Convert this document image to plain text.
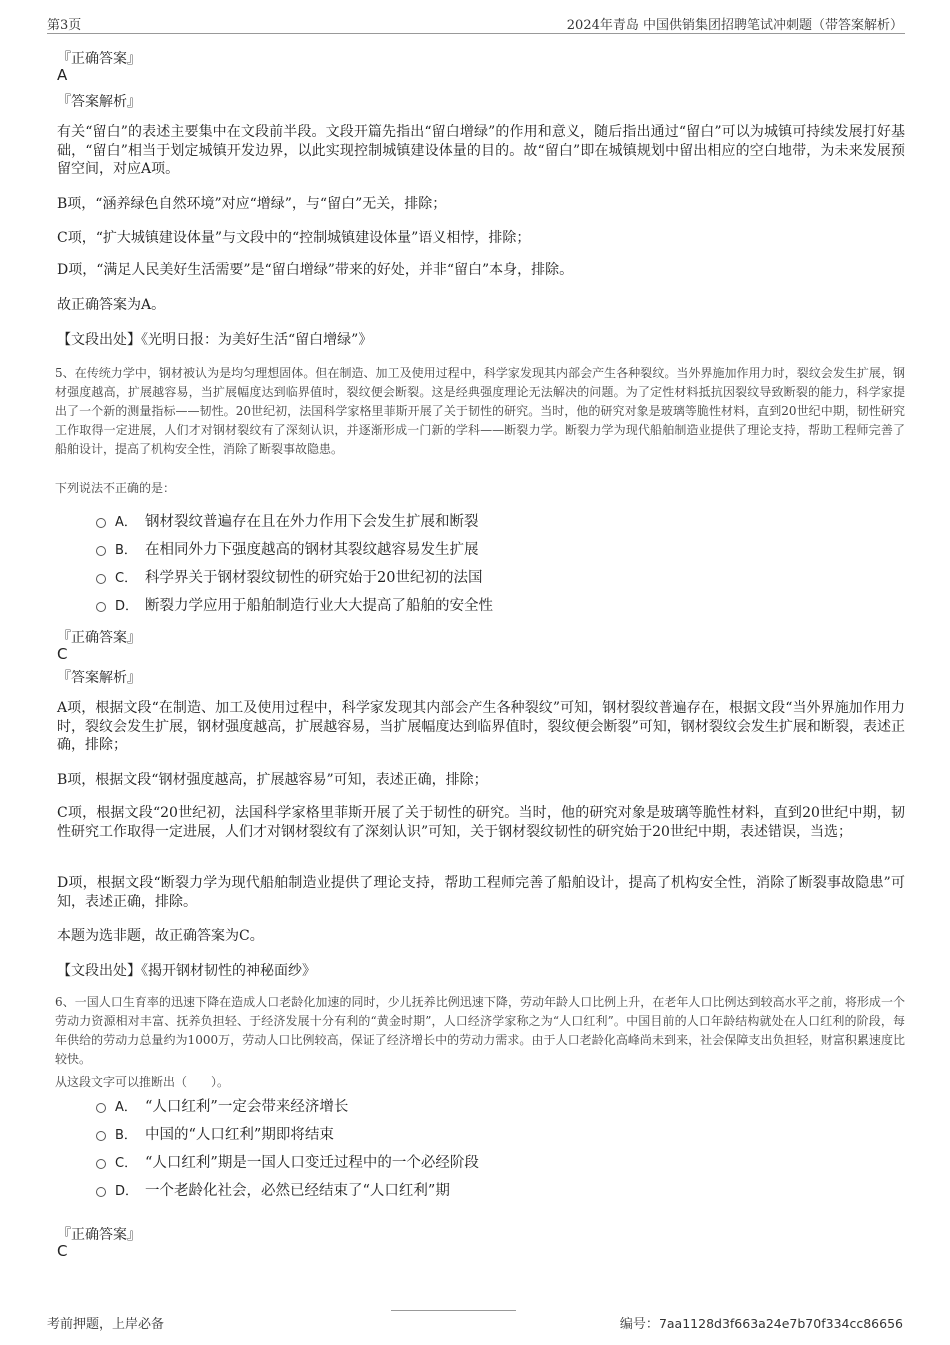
第3页	2024年青岛 中国供销集团招聘笔试冲刺题（带答案解析）
『正确答案』
A
『答案解析』
有关“留白”的表述主要集中在文段前半段。文段开篇先指出“留白增绿”的作用和意义，随后指出通过“留白”可以为城镇可持续发展打好基础，“留白”相当于划定城镇开发边界，以此实现控制城镇建设体量的目的。故“留白”即在城镇规划中留出相应的空白地带，为未来发展预留空间，对应A项。
B项，“涵养绿色自然环境”对应“增绿”，与“留白”无关，排除；
C项，“扩大城镇建设体量”与文段中的“控制城镇建设体量”语义相悖，排除；
D项，“满足人民美好生活需要”是“留白增绿”带来的好处，并非“留白”本身，排除。
故正确答案为A。
【文段出处】《光明日报：为美好生活“留白增绿”》
5、在传统力学中，钢材被认为是均匀理想固体。但在制造、加工及使用过程中，科学家发现其内部会产生各种裂纹。当外界施加作用力时，裂纹会发生扩展，钢材强度越高，扩展越容易，当扩展幅度达到临界值时，裂纹便会断裂。这是经典强度理论无法解决的问题。为了定性材料抵抗因裂纹导致断裂的能力，科学家提出了一个新的测量指标——韧性。20世纪初，法国科学家格里菲斯开展了关于韧性的研究。当时，他的研究对象是玻璃等脆性材料，直到20世纪中期，韧性研究工作取得一定进展，人们才对钢材裂纹有了深刻认识，并逐渐形成一门新的学科——断裂力学。断裂力学为现代船舶制造业提供了理论支持，帮助工程师完善了船舶设计，提高了机构安全性，消除了断裂事故隐患。
下列说法不正确的是：
A． 钢材裂纹普遍存在且在外力作用下会发生扩展和断裂
B． 在相同外力下强度越高的钢材其裂纹越容易发生扩展
C． 科学界关于钢材裂纹韧性的研究始于20世纪初的法国
D． 断裂力学应用于船舶制造行业大大提高了船舶的安全性
『正确答案』
C
『答案解析』
A项，根据文段“在制造、加工及使用过程中，科学家发现其内部会产生各种裂纹”可知，钢材裂纹普遍存在，根据文段“当外界施加作用力时，裂纹会发生扩展，钢材强度越高，扩展越容易，当扩展幅度达到临界值时，裂纹便会断裂”可知，钢材裂纹会发生扩展和断裂，表述正确，排除；
B项，根据文段“钢材强度越高，扩展越容易”可知，表述正确，排除；
C项，根据文段“20世纪初，法国科学家格里菲斯开展了关于韧性的研究。当时，他的研究对象是玻璃等脆性材料，直到20世纪中期，韧性研究工作取得一定进展，人们才对钢材裂纹有了深刻认识”可知，关于钢材裂纹韧性的研究始于20世纪中期，表述错误，当选；
D项，根据文段“断裂力学为现代船舶制造业提供了理论支持，帮助工程师完善了船舶设计，提高了机构安全性，消除了断裂事故隐患”可知，表述正确，排除。
本题为选非题，故正确答案为C。
【文段出处】《揭开钢材韧性的神秘面纱》
6、一国人口生育率的迅速下降在造成人口老龄化加速的同时，少儿抚养比例迅速下降，劳动年龄人口比例上升，在老年人口比例达到较高水平之前，将形成一个劳动力资源相对丰富、抚养负担轻、于经济发展十分有利的“黄金时期”，人口经济学家称之为“人口红利”。中国目前的人口年龄结构就处在人口红利的阶段，每年供给的劳动力总量约为1000万，劳动人口比例较高，保证了经济增长中的劳动力需求。由于人口老龄化高峰尚未到来，社会保障支出负担轻，财富积累速度比较快。
从这段文字可以推断出（　　）。
A． “人口红利”一定会带来经济增长
B． 中国的“人口红利”期即将结束
C． “人口红利”期是一国人口变迁过程中的一个必经阶段
D． 一个老龄化社会，必然已经结束了“人口红利”期
『正确答案』
C
考前押题，上岸必备	编号：7aa1128d3f663a24e7b70f334cc86656
